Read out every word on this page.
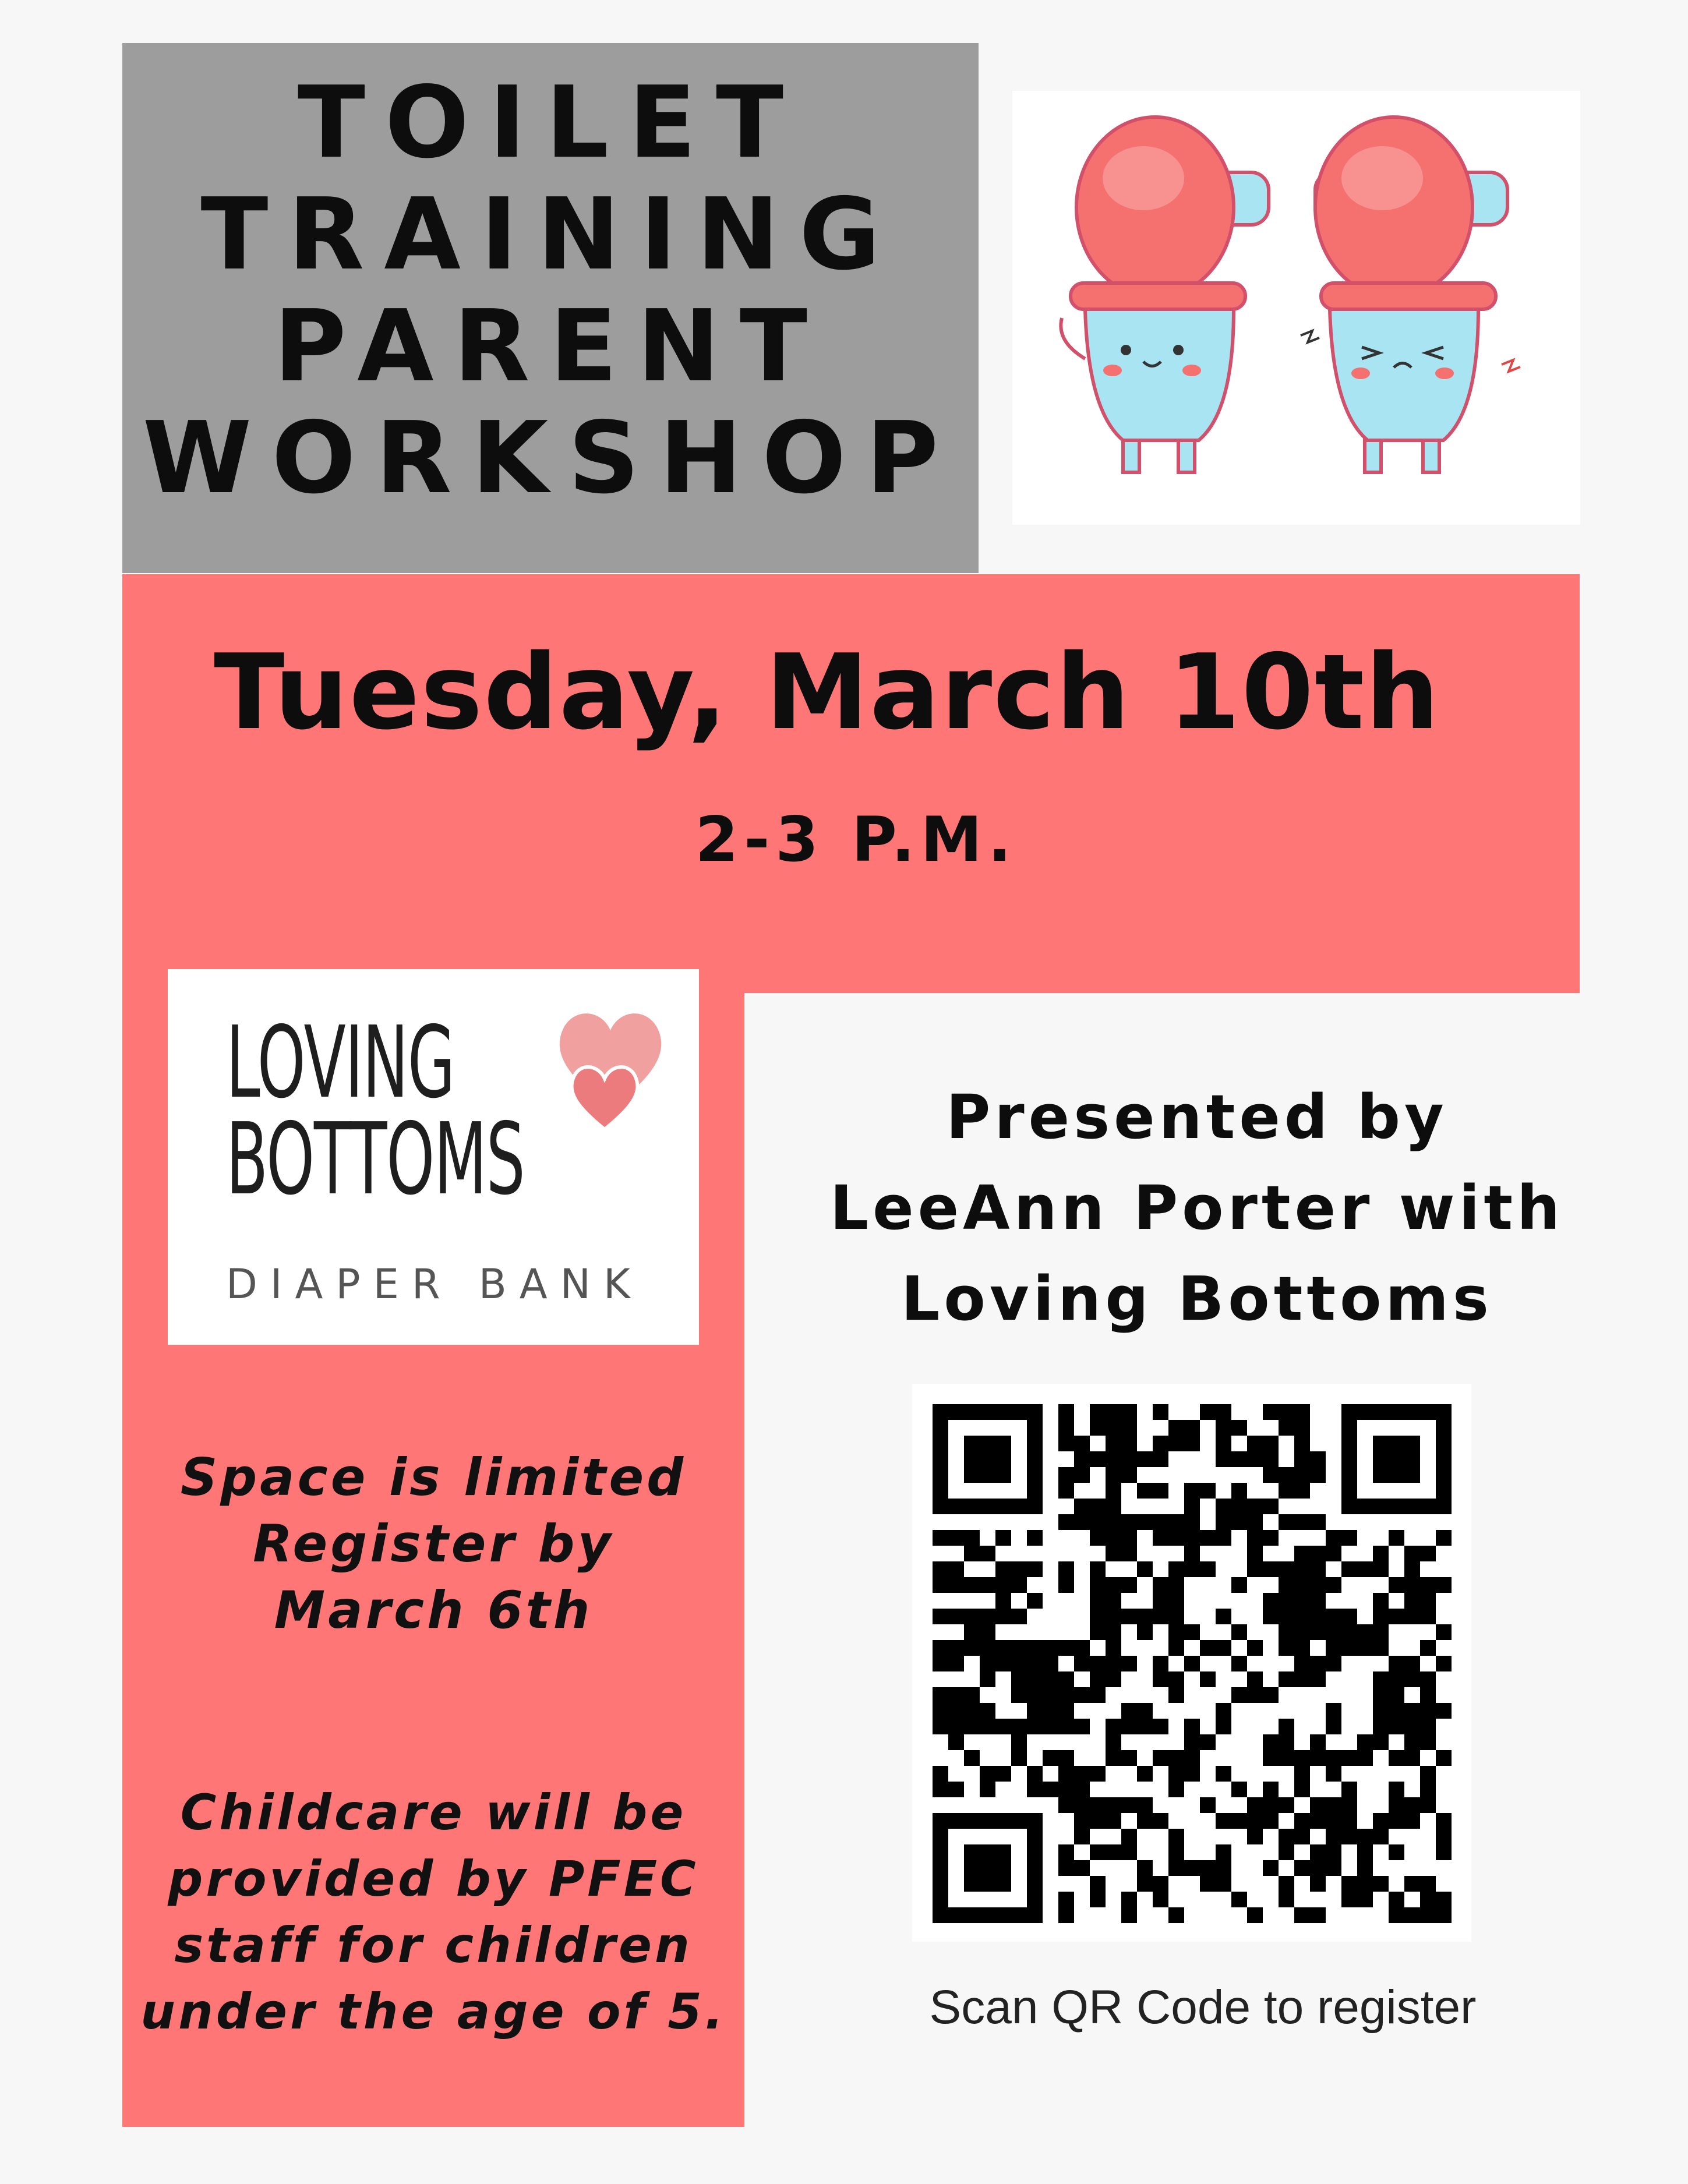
TOILET
TRAINING
PARENT
WORKSHOP
Tuesday, March 10th

2-3 P.M.

LOVING

BOTTOMS

DIAPER BANK

Presented by
LeeAnn Porter with
Loving Bottoms

Scan QR Code to register

Space is limited
Register by
March 6th

Childcare will be
provided by PFEC
staff for children
under the age of 5.
